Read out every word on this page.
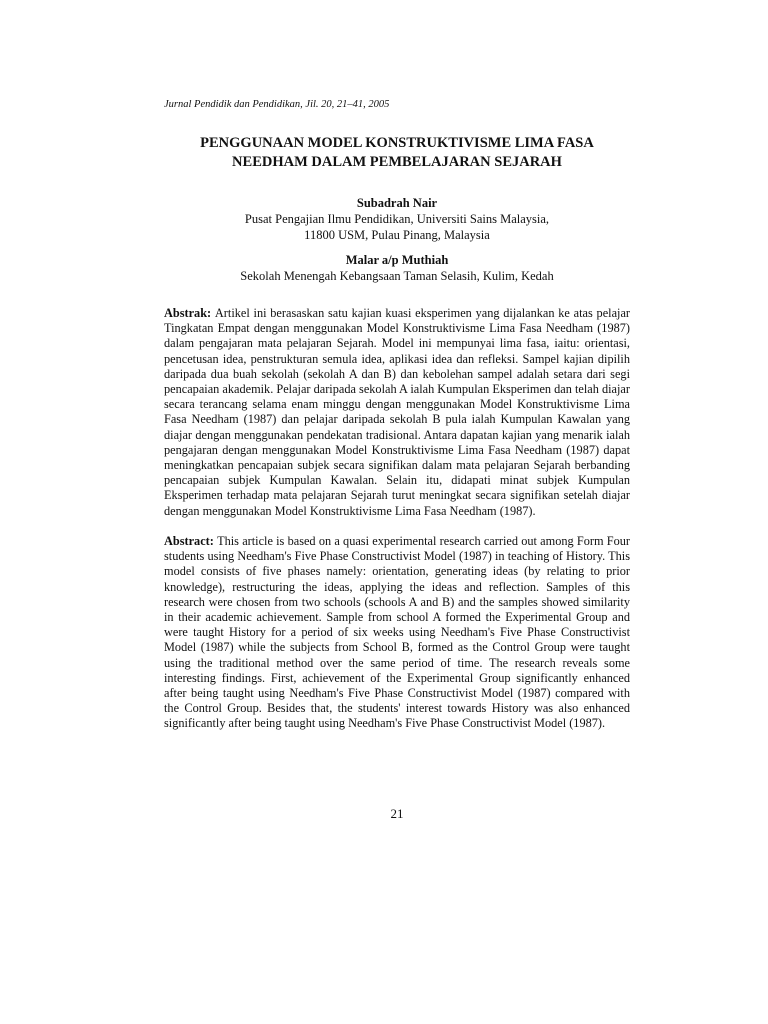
Jurnal Pendidik dan Pendidikan, Jil. 20, 21–41, 2005
PENGGUNAAN MODEL KONSTRUKTIVISME LIMA FASA
NEEDHAM DALAM PEMBELAJARAN SEJARAH
Subadrah Nair
Pusat Pengajian Ilmu Pendidikan, Universiti Sains Malaysia,
11800 USM, Pulau Pinang, Malaysia
Malar a/p Muthiah
Sekolah Menengah Kebangsaan Taman Selasih, Kulim, Kedah
Abstrak: Artikel ini berasaskan satu kajian kuasi eksperimen yang dijalankan ke atas pelajar Tingkatan Empat dengan menggunakan Model Konstruktivisme Lima Fasa Needham (1987) dalam pengajaran mata pelajaran Sejarah. Model ini mempunyai lima fasa, iaitu: orientasi, pencetusan idea, penstrukturan semula idea, aplikasi idea dan refleksi. Sampel kajian dipilih daripada dua buah sekolah (sekolah A dan B) dan kebolehan sampel adalah setara dari segi pencapaian akademik. Pelajar daripada sekolah A ialah Kumpulan Eksperimen dan telah diajar secara terancang selama enam minggu dengan menggunakan Model Konstruktivisme Lima Fasa Needham (1987) dan pelajar daripada sekolah B pula ialah Kumpulan Kawalan yang diajar dengan menggunakan pendekatan tradisional. Antara dapatan kajian yang menarik ialah pengajaran dengan menggunakan Model Konstruktivisme Lima Fasa Needham (1987) dapat meningkatkan pencapaian subjek secara signifikan dalam mata pelajaran Sejarah berbanding pencapaian subjek Kumpulan Kawalan. Selain itu, didapati minat subjek Kumpulan Eksperimen terhadap mata pelajaran Sejarah turut meningkat secara signifikan setelah diajar dengan menggunakan Model Konstruktivisme Lima Fasa Needham (1987).
Abstract: This article is based on a quasi experimental research carried out among Form Four students using Needham's Five Phase Constructivist Model (1987) in teaching of History. This model consists of five phases namely: orientation, generating ideas (by relating to prior knowledge), restructuring the ideas, applying the ideas and reflection. Samples of this research were chosen from two schools (schools A and B) and the samples showed similarity in their academic achievement. Sample from school A formed the Experimental Group and were taught History for a period of six weeks using Needham's Five Phase Constructivist Model (1987) while the subjects from School B, formed as the Control Group were taught using the traditional method over the same period of time. The research reveals some interesting findings. First, achievement of the Experimental Group significantly enhanced after being taught using Needham's Five Phase Constructivist Model (1987) compared with the Control Group. Besides that, the students' interest towards History was also enhanced significantly after being taught using Needham's Five Phase Constructivist Model (1987).
21
